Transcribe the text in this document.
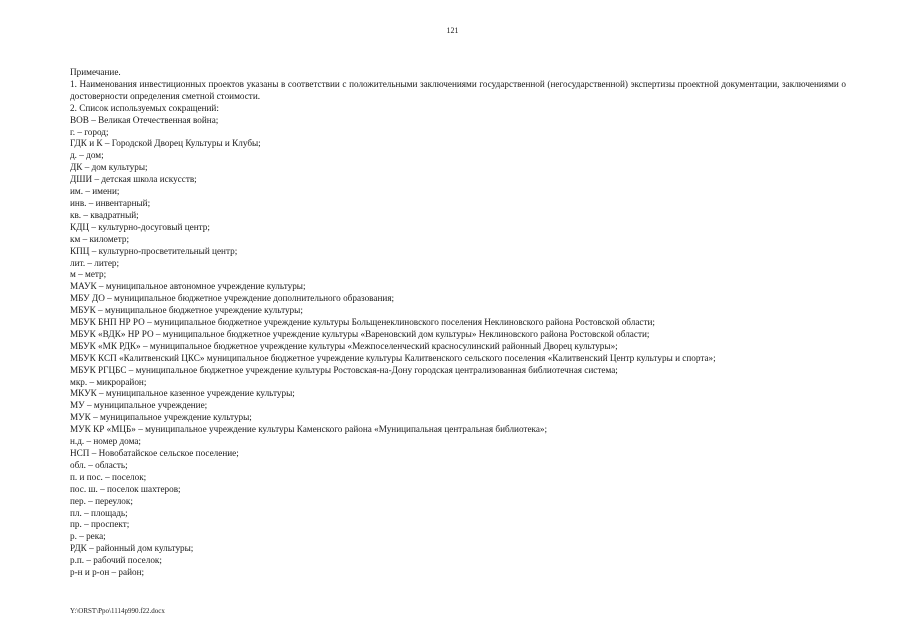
121

Примечание.

1. Наименования инвестиционных проектов указаны в соответствии с положительными заключениями государственной (негосударственной) экспертизы проектной документации, заключениями о достоверности определения сметной стоимости.

2. Список используемых сокращений:

ВОВ – Великая Отечественная война;
г. – город;
ГДК и К – Городской Дворец Культуры и Клубы;
д. – дом;
ДК – дом культуры;
ДШИ – детская школа искусств;
им. – имени;
инв. – инвентарный;
кв. – квадратный;
КДЦ – культурно-досуговый центр;
км – километр;
КПЦ – культурно-просветительный центр;
лит. – литер;
м – метр;
МАУК – муниципальное автономное учреждение культуры;
МБУ ДО – муниципальное бюджетное учреждение дополнительного образования;
МБУК – муниципальное бюджетное учреждение культуры;
МБУК БНП НР РО – муниципальное бюджетное учреждение культуры Больщенеклиновского поселения Неклиновского района Ростовской области;
МБУК «ВДК» НР РО – муниципальное бюджетное учреждение культуры «Вареновский дом культуры» Неклиновского района Ростовской области;
МБУК «МК РДК» – муниципальное бюджетное учреждение культуры «Межпоселенческий красносулинский районный Дворец культуры»;
МБУК КСП «Калитвенский ЦКС» муниципальное бюджетное учреждение культуры Калитвенского сельского поселения «Калитвенский Центр культуры и спорта»;
МБУК РГЦБС – муниципальное бюджетное учреждение культуры Ростовская-на-Дону городская централизованная библиотечная система;
мкр. – микрорайон;
МКУК – муниципальное казенное учреждение культуры;
МУ – муниципальное учреждение;
МУК – муниципальное учреждение культуры;
МУК КР «МЦБ» – муниципальное учреждение культуры Каменского района «Муниципальная центральная библиотека»;
н.д. – номер дома;
НСП – Новобатайское сельское поселение;
обл. – область;
п. и пос. – поселок;
пос. ш. – поселок шахтеров;
пер. – переулок;
пл. – площадь;
пр. – проспект;
р. – река;
РДК – районный дом культуры;
р.п. – рабочий поселок;
р-н и р-он – район;
Y:\ORST\Ppo\1114p990.f22.docx
